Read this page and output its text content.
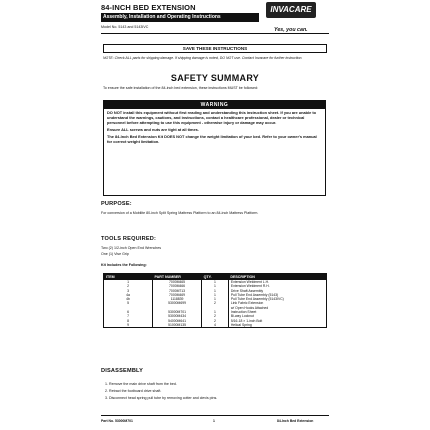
84-INCH BED EXTENSION
Assembly, Installation and Operating Instructions
Model No. 5143 and 5143IVC
INVACARE
Yes, you can.
SAVE THESE INSTRUCTIONS
NOTE: Check ALL parts for shipping damage. If shipping damage is noted, DO NOT use. Contact Invacare for further instruction.
SAFETY SUMMARY
To ensure the safe installation of the 84-inch bed extension, these instructions MUST be followed:
WARNING

DO NOT install this equipment without first reading and understanding this instruction sheet. If you are unable to understand the warnings, cautions, and instructions, contact a healthcare professional, dealer or technical personnel before attempting to use this equipment - otherwise injury or damage may occur.

Ensure ALL screws and nuts are tight at all times.

The 84-Inch Bed Extension Kit DOES NOT change the weight limitation of your bed. Refer to your owner's manual for correct weight limitation.

PURPOSE:
For conversion of a Mobilite 80-inch Split Spring Mattress Platform to an 84-inch Mattress Platform.
TOOLS REQUIRED:
Two (2) 1/2-inch Open End Wrenches
One (1) Vise Grip
Kit Includes the Following:
ITEM	PART NUMBER	QTY.	DESCRIPTION
1	7000M465	1	Extension Weldment L.H.
2	7000M466	1	Extension Weldment R.H.
3	7000M713	1	Drive Shaft Assembly
4a	7000M469	1	Pull Tube End Assembly (5143)
4b	1118839	1	Pull Tube End Assembly (5143IVC)
5	53000M699	2	Link Fabric Extension
			w/ Open Hooks Attached
6	53000M701	1	Instruction Sheet
7	53000M434	2	Bi-way Locknut
8	54000M641	2	5/16-18 × 1-inch Bolt
9	51000M135	4	Helical Spring
DISASSEMBLY
1. Remove the main drive shaft from the bed.
2. Retract the footboard drive shaft.
3. Disconnect head spring pull tube by removing cotter and clevis pins.
Part No. 53000M701	1	84-Inch Bed Extension
